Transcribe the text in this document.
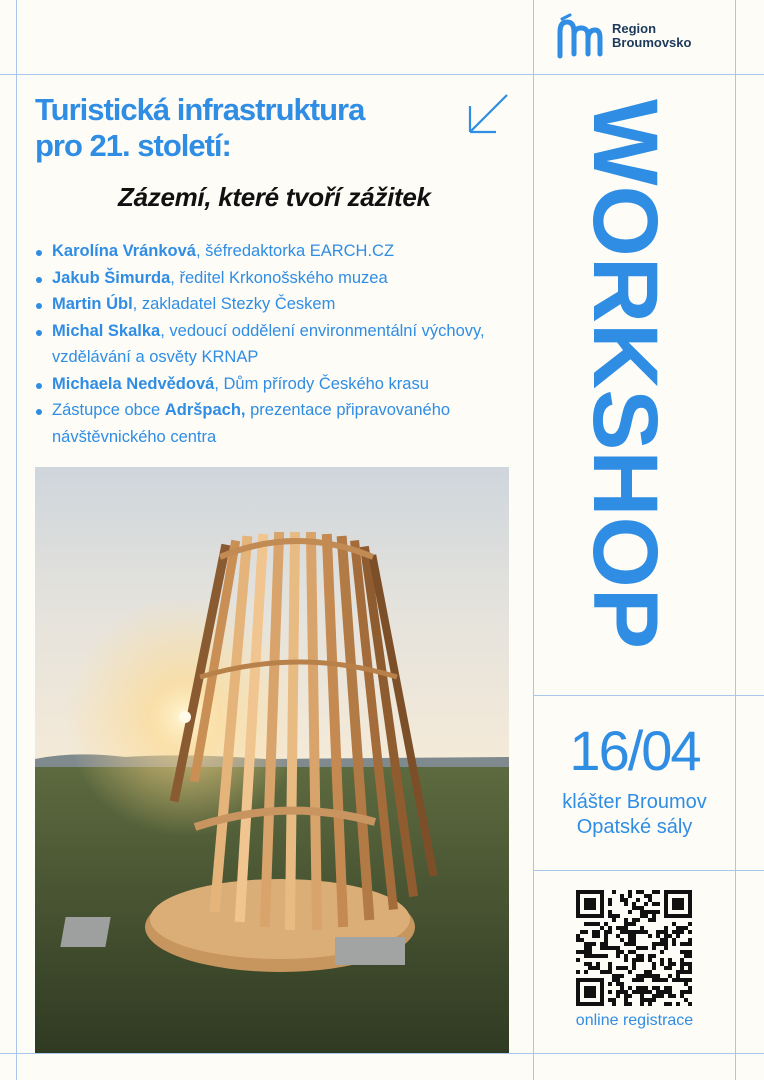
Region
Broumovsko
Turistická infrastruktura
pro 21. století:
Zázemí, které tvoří zážitek
Karolína Vránková, šéfredaktorka EARCH.CZ
Jakub Šimurda, ředitel Krkonošského muzea
Martin Úbl, zakladatel Stezky Českem
Michal Skalka, vedoucí oddělení environmentální výchovy, vzdělávání a osvěty KRNAP
Michaela Nedvědová, Dům přírody Českého krasu
Zástupce obce Adršpach, prezentace připravovaného návštěvnického centra	WORKSHOP
16/04
klášter Broumov
Opatské sály
online registrace
